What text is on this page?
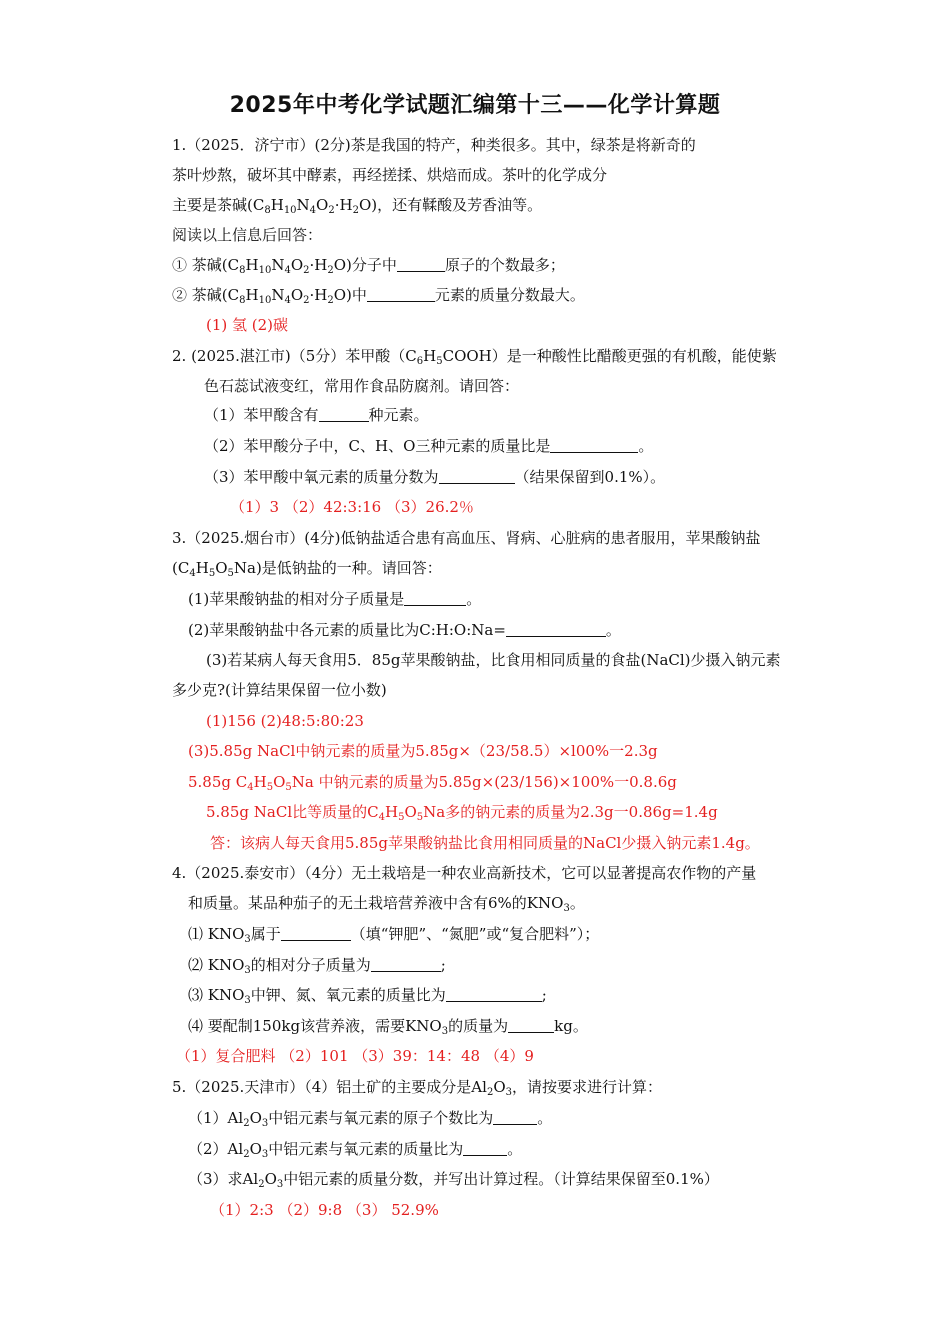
2025年中考化学试题汇编第十三——化学计算题
1.（2025．济宁市）(2分)茶是我国的特产，种类很多。其中，绿茶是将新奇的
茶叶炒熬，破坏其中酵素，再经搓揉、烘焙而成。茶叶的化学成分
主要是茶碱$(C_8H_{10}N_4O_2\cdot H_2O)$，还有鞣酸及芳香油等。
阅读以上信息后回答：
① 茶碱$(C_8H_{10}N_4O_2\cdot H_2O)$分子中	原子的个数最多；
② 茶碱$(C_8H_{10}N_4O_2\cdot H_2O)$中	元素的质量分数最大。
(1) 氢 (2)碳
2. (2025.湛江市)（5分）苯甲酸$(C_6H_5COOH)$是一种酸性比醋酸更强的有机酸，能使紫
色石蕊试液变红，常用作食品防腐剂。请回答：
（1）苯甲酸含有	种元素。
（2）苯甲酸分子中，C、H、O三种元素的质量比是	。
（3）苯甲酸中氧元素的质量分数为	（结果保留到0.1%）。
（1）3 （2）42:3:16 （3）26.2％
3.（2025.烟台市）(4分)低钠盐适合患有高血压、肾病、心脏病的患者服用，苹果酸钠盐
$(C_4H_5O_5Na)$是低钠盐的一种。请回答：
(1)苹果酸钠盐的相对分子质量是	。
(2)苹果酸钠盐中各元素的质量比为C:H:O:Na=	。
(3)若某病人每天食用5．85g苹果酸钠盐，比食用相同质量的食盐(NaCl)少摄入钠元素
多少克?(计算结果保留一位小数)
(1)156 (2)48:5:80:23
(3)5.85g NaCl中钠元素的质量为5.85g×（23/58.5）×l00%一2.3g
5.85g $C_4H_5O_5Na$ 中钠元素的质量为5.85g×(23/156)×100%一0.8.6g
5.85g NaCl比等质量的$C_4H_5O_5Na$多的钠元素的质量为2.3g一0.86g=1.4g
答：该病人每天食用5.85g苹果酸钠盐比食用相同质量的NaCl少摄入钠元素1.4g。
4.（2025.泰安市）（4分）无土栽培是一种农业高新技术，它可以显著提高农作物的产量
和质量。某品种茄子的无土栽培营养液中含有6%的$KNO_3$。
⑴ $KNO_3$属于	（填“钾肥”、“氮肥”或“复合肥料”）；
⑵ $KNO_3$的相对分子质量为	;
⑶ $KNO_3$中钾、氮、氧元素的质量比为	;
⑷ 要配制150kg该营养液，需要$KNO_3$的质量为	kg。
（1）复合肥料 （2）101 （3）39：14：48 （4）9
5.（2025.天津市）（4）铝土矿的主要成分是$Al_2O_3$，请按要求进行计算：
$(1)Al_2O_3$中铝元素与氧元素的原子个数比为	。
$(2)Al_2O_3$中铝元素与氧元素的质量比为	。
（3）求$Al_2O_3$中铝元素的质量分数，并写出计算过程。（计算结果保留至0.1%）
（1）2:3 （2）9:8 （3） 52.9%
